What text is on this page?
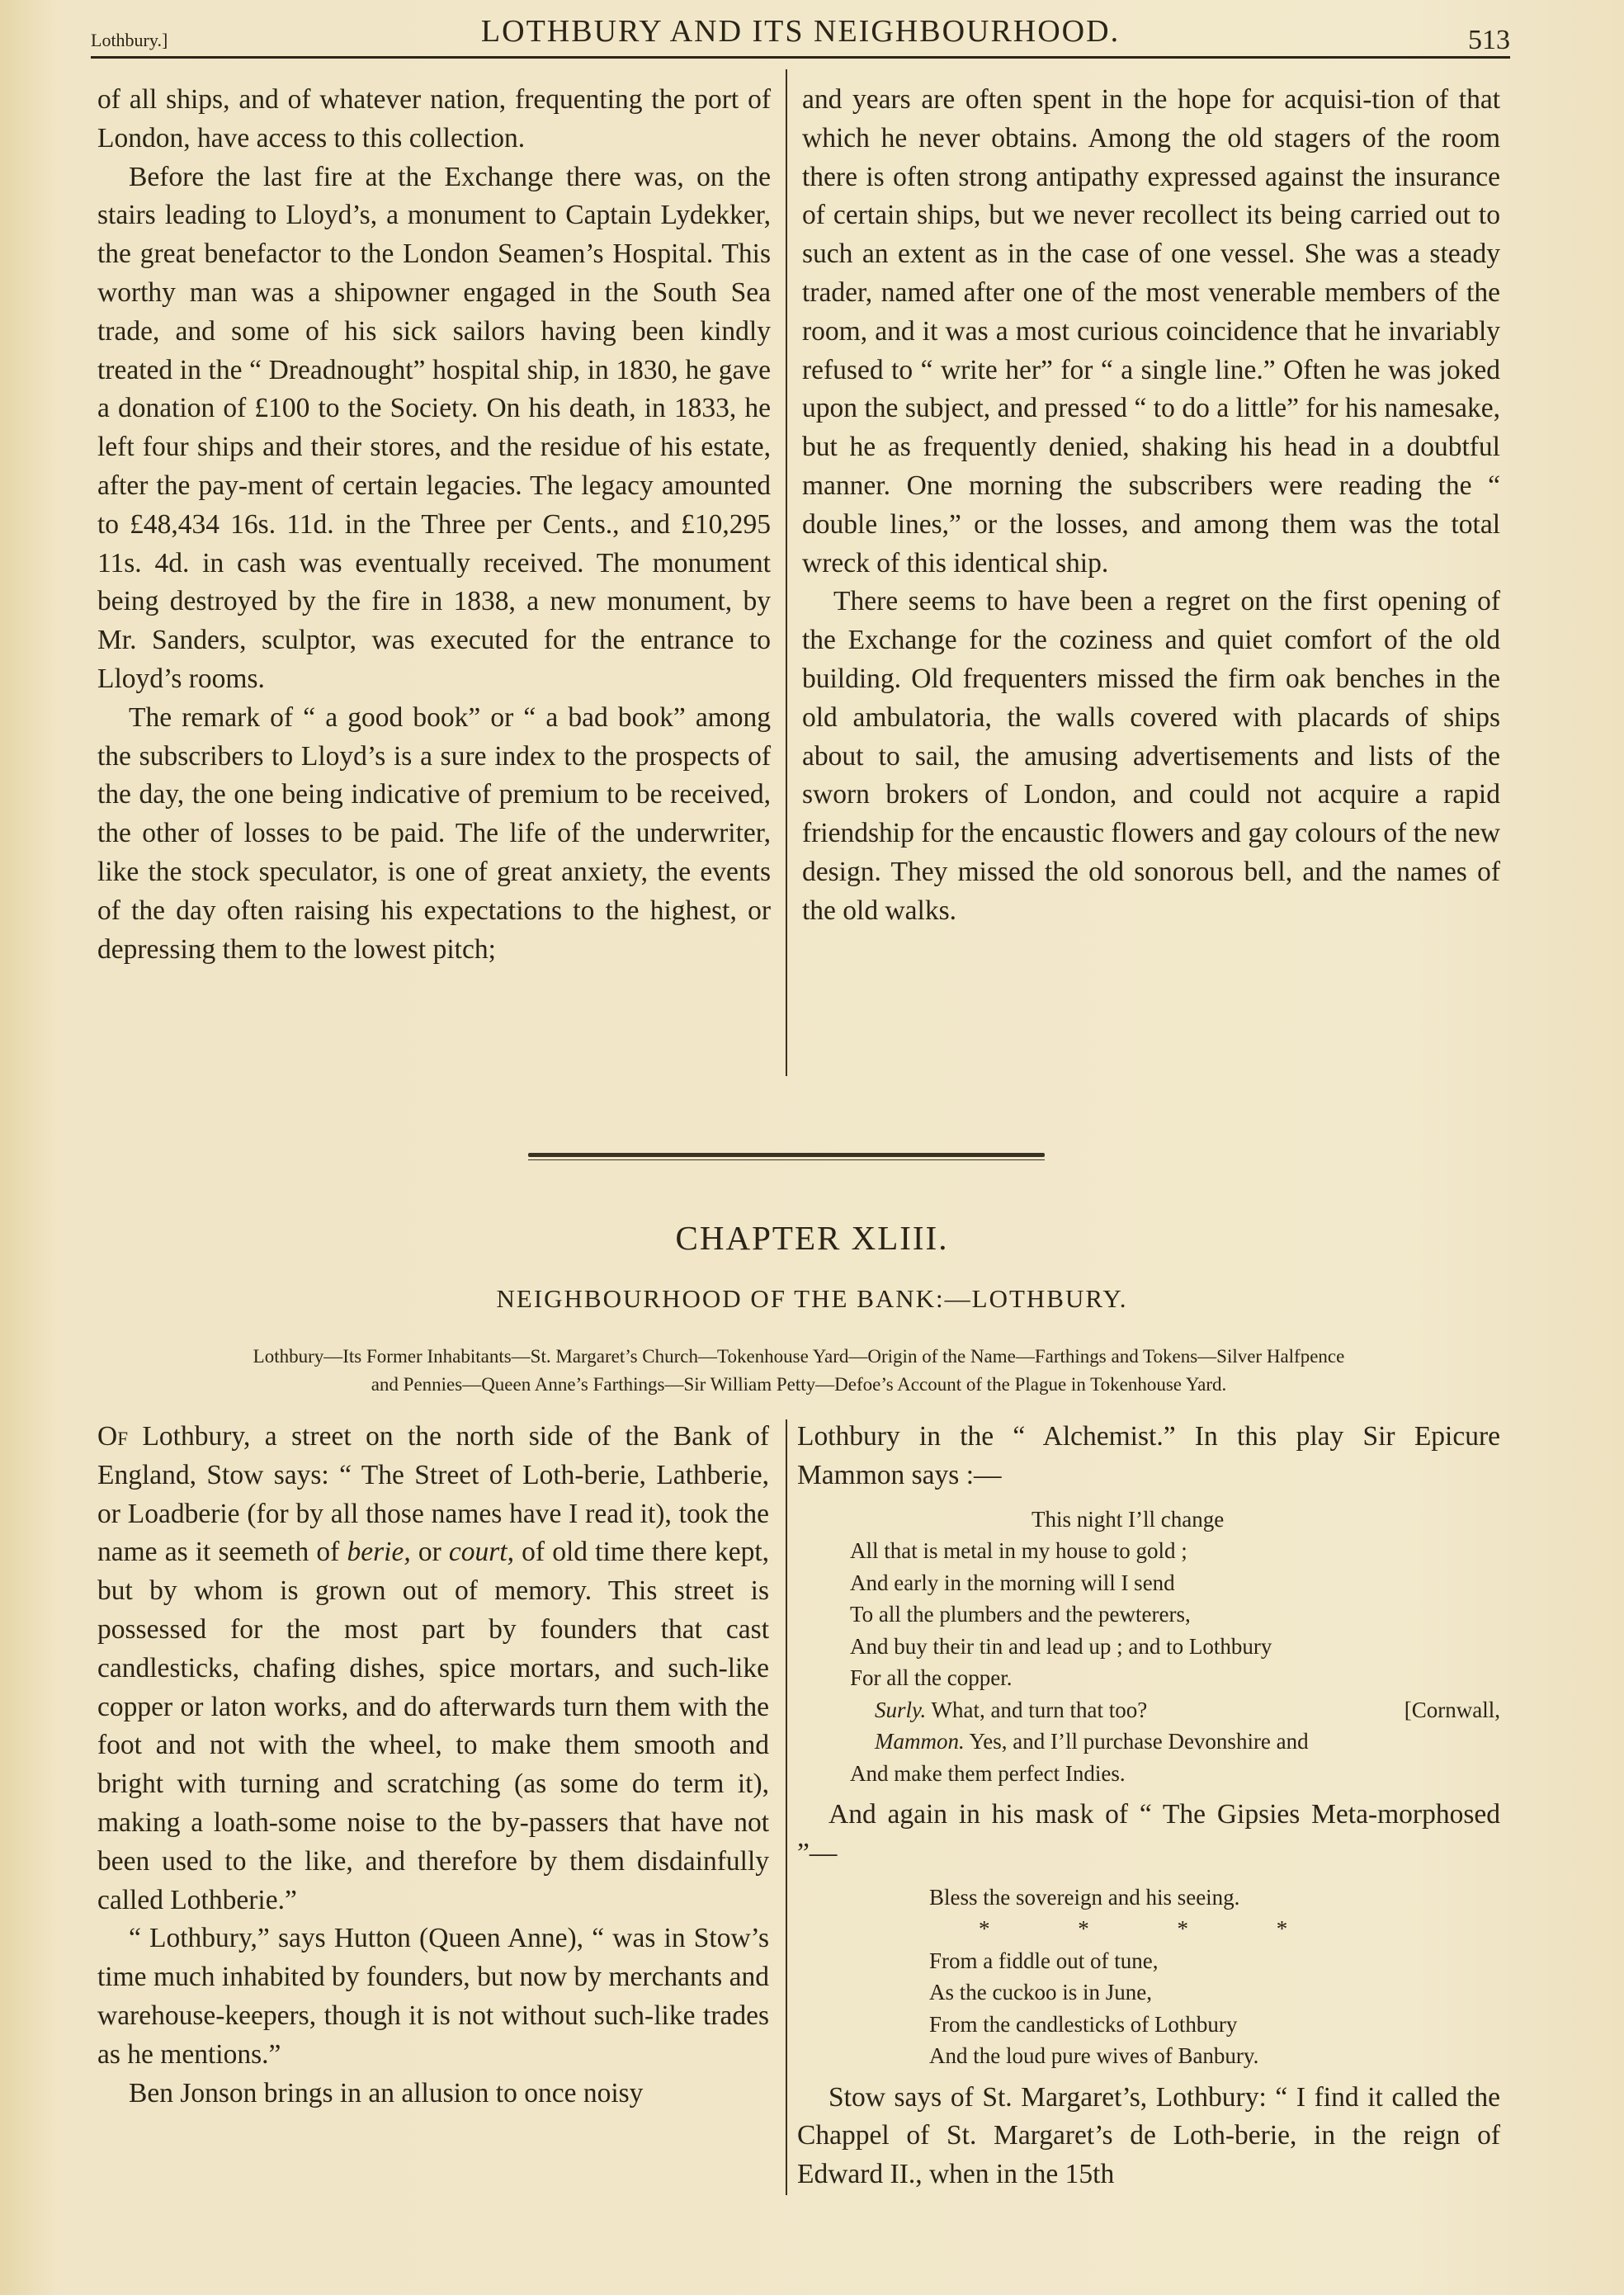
Lothbury.]	LOTHBURY AND ITS NEIGHBOURHOOD.	513

of all ships, and of whatever nation, frequenting the port of London, have access to this collection.

Before the last fire at the Exchange there was, on the stairs leading to Lloyd’s, a monument to Captain Lydekker, the great benefactor to the London Seamen’s Hospital. This worthy man was a shipowner engaged in the South Sea trade, and some of his sick sailors having been kindly treated in the “ Dreadnought” hospital ship, in 1830, he gave a donation of £100 to the Society. On his death, in 1833, he left four ships and their stores, and the residue of his estate, after the pay-ment of certain legacies. The legacy amounted to £48,434 16s. 11d. in the Three per Cents., and £10,295 11s. 4d. in cash was eventually received. The monument being destroyed by the fire in 1838, a new monument, by Mr. Sanders, sculptor, was executed for the entrance to Lloyd’s rooms.

The remark of “ a good book” or “ a bad book” among the subscribers to Lloyd’s is a sure index to the prospects of the day, the one being indicative of premium to be received, the other of losses to be paid. The life of the underwriter, like the stock speculator, is one of great anxiety, the events of the day often raising his expectations to the highest, or depressing them to the lowest pitch;

and years are often spent in the hope for acquisi-tion of that which he never obtains. Among the old stagers of the room there is often strong antipathy expressed against the insurance of certain ships, but we never recollect its being carried out to such an extent as in the case of one vessel. She was a steady trader, named after one of the most venerable members of the room, and it was a most curious coincidence that he invariably refused to “ write her” for “ a single line.” Often he was joked upon the subject, and pressed “ to do a little” for his namesake, but he as frequently denied, shaking his head in a doubtful manner. One morning the subscribers were reading the “ double lines,” or the losses, and among them was the total wreck of this identical ship.

There seems to have been a regret on the first opening of the Exchange for the coziness and quiet comfort of the old building. Old frequenters missed the firm oak benches in the old ambulatoria, the walls covered with placards of ships about to sail, the amusing advertisements and lists of the sworn brokers of London, and could not acquire a rapid friendship for the encaustic flowers and gay colours of the new design. They missed the old sonorous bell, and the names of the old walks.

CHAPTER XLIII.
NEIGHBOURHOOD OF THE BANK:—LOTHBURY.
Lothbury—Its Former Inhabitants—St. Margaret’s Church—Tokenhouse Yard—Origin of the Name—Farthings and Tokens—Silver Halfpence
and Pennies—Queen Anne’s Farthings—Sir William Petty—Defoe’s Account of the Plague in Tokenhouse Yard.

Of Lothbury, a street on the north side of the Bank of England, Stow says: “ The Street of Loth-berie, Lathberie, or Loadberie (for by all those names have I read it), took the name as it seemeth of berie, or court, of old time there kept, but by whom is grown out of memory. This street is possessed for the most part by founders that cast candlesticks, chafing dishes, spice mortars, and such-like copper or laton works, and do afterwards turn them with the foot and not with the wheel, to make them smooth and bright with turning and scratching (as some do term it), making a loath-some noise to the by-passers that have not been used to the like, and therefore by them disdainfully called Lothberie.”

“ Lothbury,” says Hutton (Queen Anne), “ was in Stow’s time much inhabited by founders, but now by merchants and warehouse-keepers, though it is not without such-like trades as he mentions.”

Ben Jonson brings in an allusion to once noisy

Lothbury in the “ Alchemist.” In this play Sir Epicure Mammon says :—

This night I’ll change
All that is metal in my house to gold ;
And early in the morning will I send
To all the plumbers and the pewterers,
And buy their tin and lead up ; and to Lothbury
For all the copper.
Surly. What, and turn that too?	[Cornwall,
Mammon. Yes, and I’ll purchase Devonshire and
And make them perfect Indies.

And again in his mask of “ The Gipsies Meta-morphosed ”—

Bless the sovereign and his seeing.
* * * *
From a fiddle out of tune,
As the cuckoo is in June,
From the candlesticks of Lothbury
And the loud pure wives of Banbury.

Stow says of St. Margaret’s, Lothbury: “ I find it called the Chappel of St. Margaret’s de Loth-berie, in the reign of Edward II., when in the 15th
